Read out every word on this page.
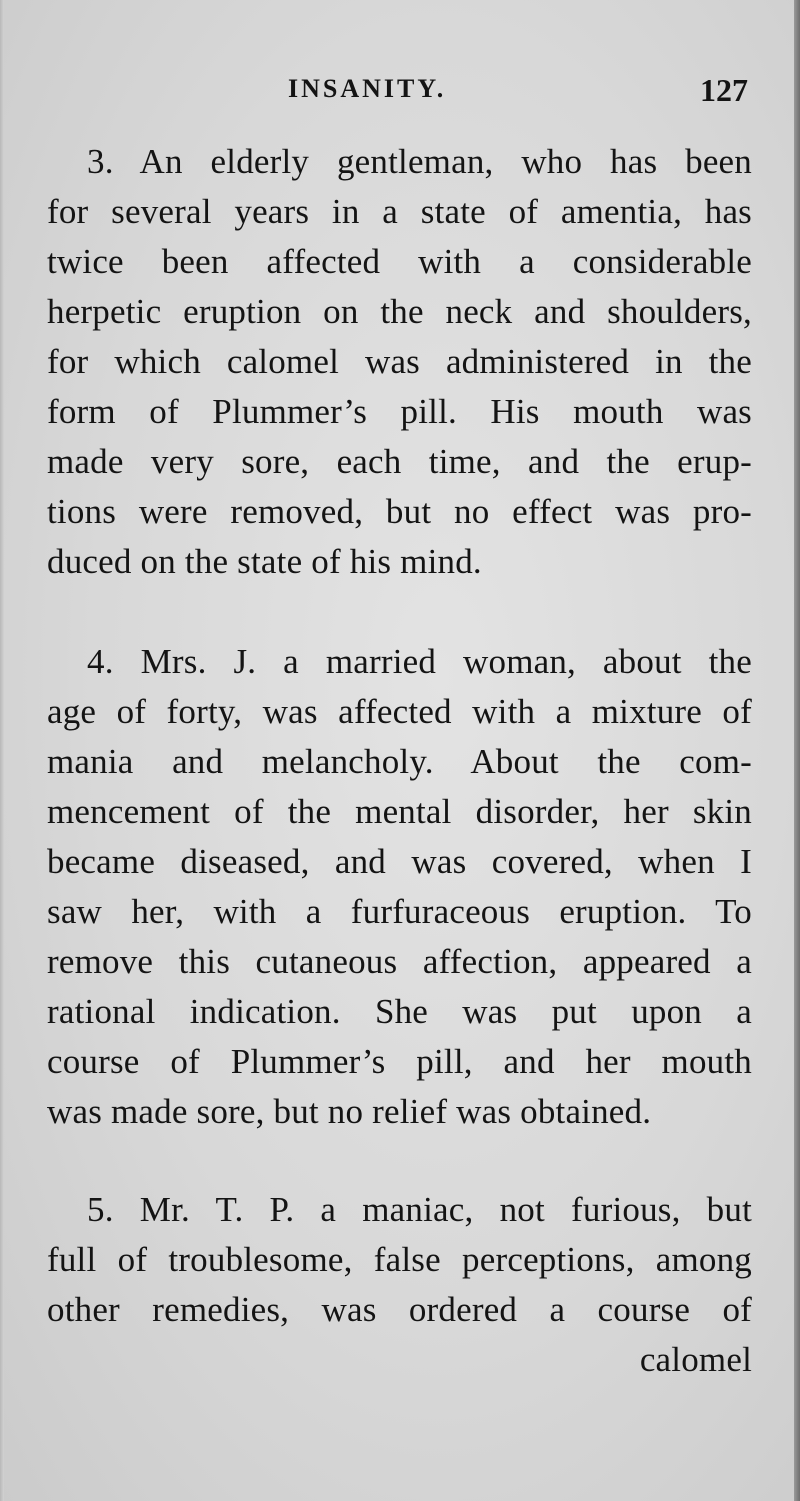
INSANITY.	127
3. An elderly gentleman, who has been
for several years in a state of amentia, has
twice been affected with a considerable
herpetic eruption on the neck and shoulders,
for which calomel was administered in the
form of Plummer’s pill. His mouth was
made very sore, each time, and the erup-
tions were removed, but no effect was pro-
duced on the state of his mind.
4. Mrs. J. a married woman, about the
age of forty, was affected with a mixture of
mania and melancholy. About the com-
mencement of the mental disorder, her skin
became diseased, and was covered, when I
saw her, with a furfuraceous eruption. To
remove this cutaneous affection, appeared a
rational indication. She was put upon a
course of Plummer’s pill, and her mouth
was made sore, but no relief was obtained.
5. Mr. T. P. a maniac, not furious, but
full of troublesome, false perceptions, among
other remedies, was ordered a course of
calomel
